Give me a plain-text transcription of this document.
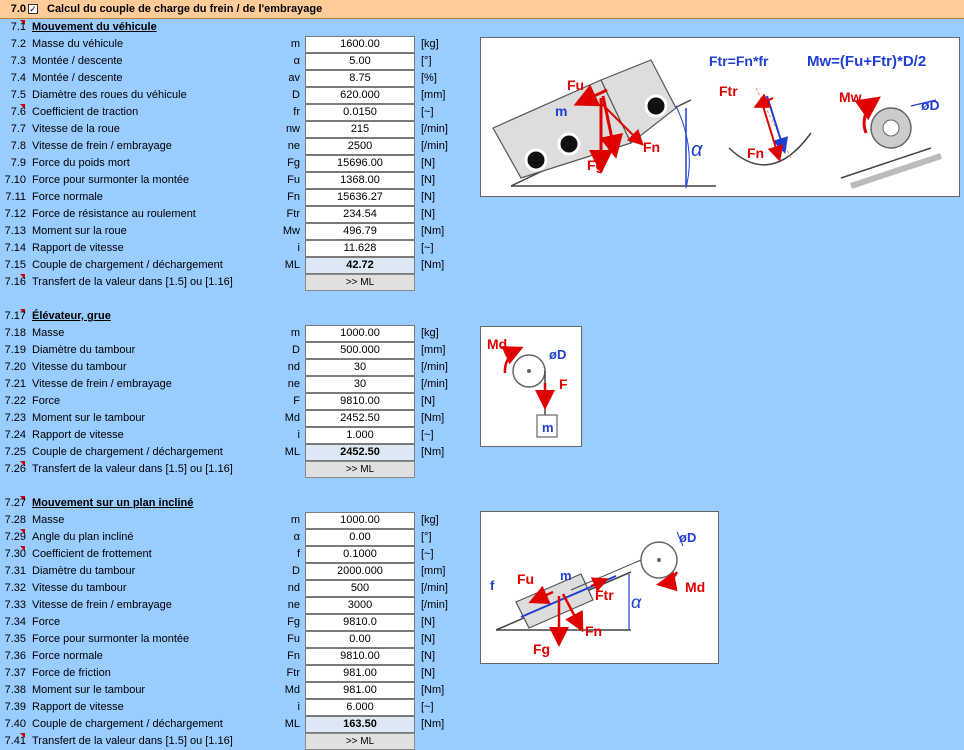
7.0 ✓ Calcul du couple de charge du frein / de l'embrayage
7.1 Mouvement du véhicule
7.2 Masse du véhicule	m	1600.00	[kg]
7.3 Montée / descente	α	5.00	[°]
7.4 Montée / descente	av	8.75	[%]
7.5 Diamètre des roues du véhicule	D	620.000	[mm]
7.6 Coefficient de traction	fr	0.0150	[~]
7.7 Vitesse de la roue	nw	215	[/min]
7.8 Vitesse de frein / embrayage	ne	2500	[/min]
7.9 Force du poids mort	Fg	15696.00	[N]
7.10 Force pour surmonter la montée	Fu	1368.00	[N]
7.11 Force normale	Fn	15636.27	[N]
7.12 Force de résistance au roulement	Ftr	234.54	[N]
7.13 Moment sur la roue	Mw	496.79	[Nm]
7.14 Rapport de vitesse	i	11.628	[~]
7.15 Couple de chargement / déchargement	ML	42.72	[Nm]
7.16 Transfert de la valeur dans [1.5] ou [1.16]	>> ML
7.17 Élévateur, grue
7.18 Masse	m	1000.00	[kg]
7.19 Diamètre du tambour	D	500.000	[mm]
7.20 Vitesse du tambour	nd	30	[/min]
7.21 Vitesse de frein / embrayage	ne	30	[/min]
7.22 Force	F	9810.00	[N]
7.23 Moment sur le tambour	Md	2452.50	[Nm]
7.24 Rapport de vitesse	i	1.000	[~]
7.25 Couple de chargement / déchargement	ML	2452.50	[Nm]
7.26 Transfert de la valeur dans [1.5] ou [1.16]	>> ML
7.27 Mouvement sur un plan incliné
7.28 Masse	m	1000.00	[kg]
7.29 Angle du plan incliné	α	0.00	[°]
7.30 Coefficient de frottement	f	0.1000	[~]
7.31 Diamètre du tambour	D	2000.000	[mm]
7.32 Vitesse du tambour	nd	500	[/min]
7.33 Vitesse de frein / embrayage	ne	3000	[/min]
7.34 Force	Fg	9810.0	[N]
7.35 Force pour surmonter la montée	Fu	0.00	[N]
7.36 Force normale	Fn	9810.00	[N]
7.37 Force de friction	Ftr	981.00	[N]
7.38 Moment sur le tambour	Md	981.00	[Nm]
7.39 Rapport de vitesse	i	6.000	[~]
7.40 Couple de chargement / déchargement	ML	163.50	[Nm]
7.41 Transfert de la valeur dans [1.5] ou [1.16]	>> ML
Fu
m
Fg
Fn α
Ftr=Fn*fr	Mw=(Fu+Ftr)*D/2
Ftr
Fn
Mw	øD
Md
øD
F
m
øD
f Fu m
Ftr α
Md
Fn
Fg
